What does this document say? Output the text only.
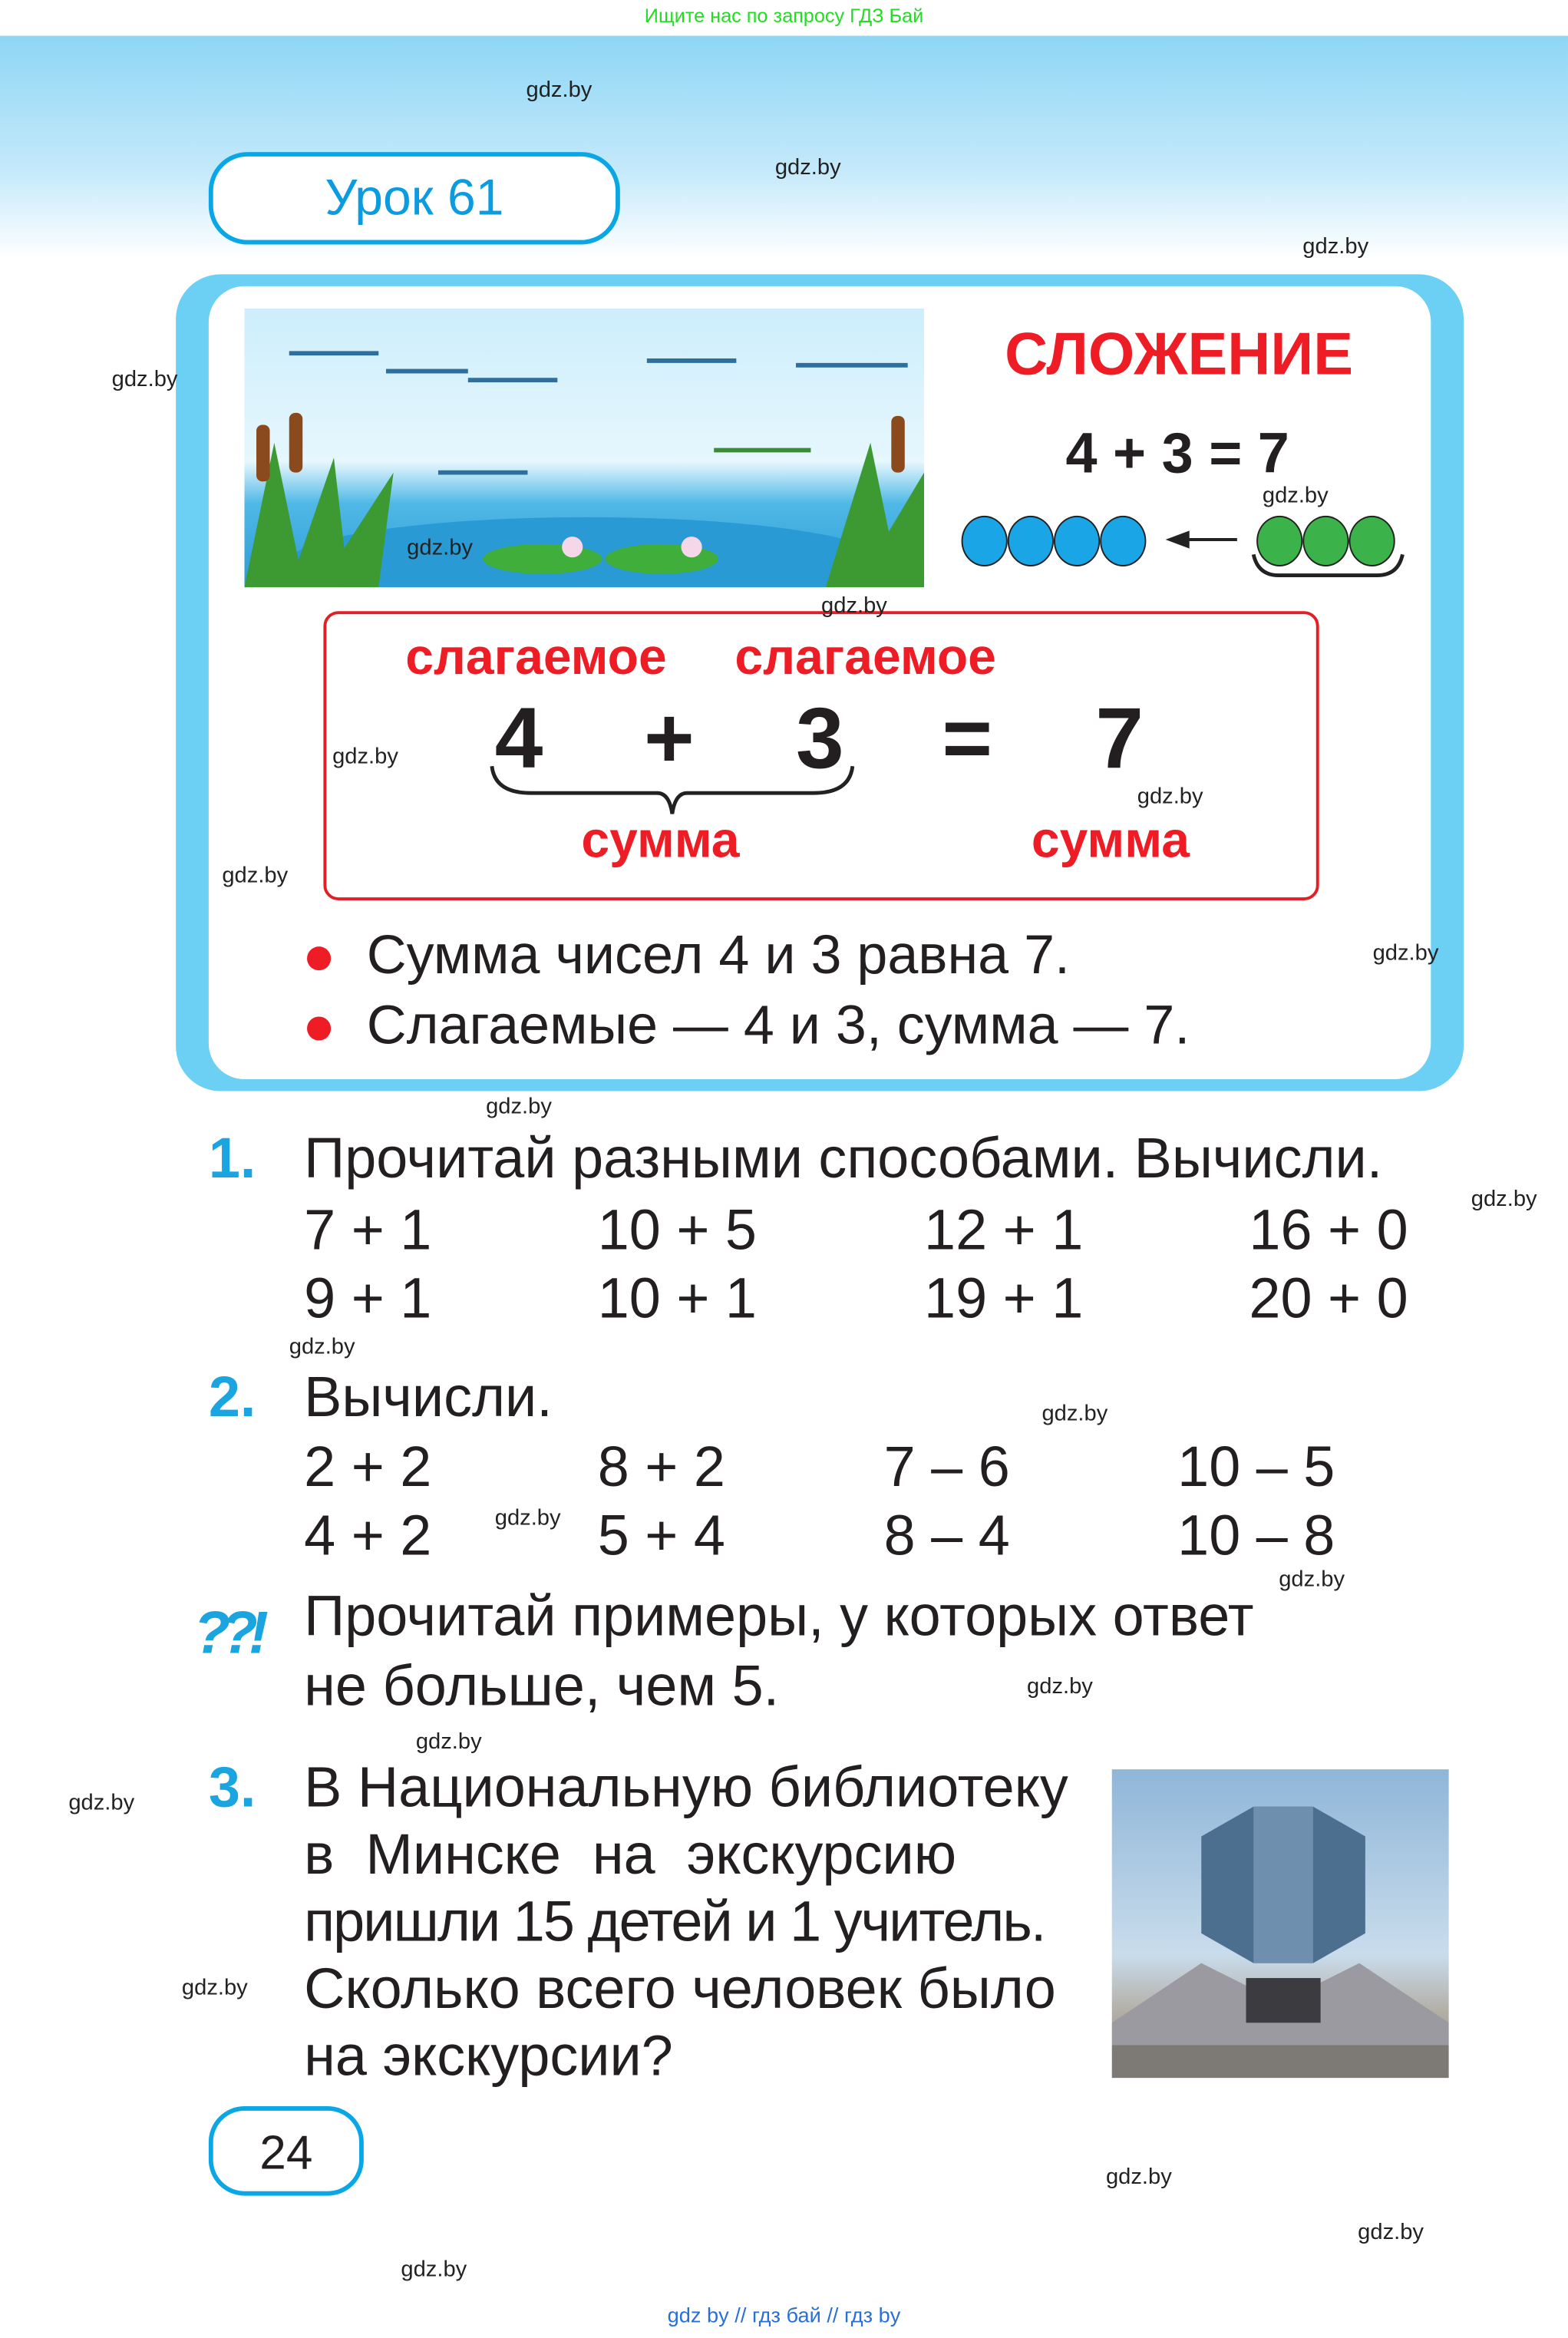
Ищите нас по запросу ГДЗ Бай
Урок 61
СЛОЖЕНИЕ
4 + 3 = 7
слагаемое	слагаемое
4 + 3 = 7
сумма	сумма
Сумма чисел 4 и 3 равна 7.
Слагаемые — 4 и 3, сумма — 7.
1. Прочитай разными способами. Вычисли.
7 + 1	10 + 5	12 + 1	16 + 0
9 + 1	10 + 1	19 + 1	20 + 0
2. Вычисли.
2 + 2	8 + 2	7 – 6	10 – 5
4 + 2	5 + 4	8 – 4	10 – 8
??! Прочитай примеры, у которых ответ
не больше, чем 5.
3. В Национальную библиотеку
в  Минске  на  экскурсию
пришли 15 детей и 1 учитель.
Сколько всего человек было
на экскурсии?
24
gdz by // гдз бай // гдз by
gdz.by
gdz.by
gdz.by
gdz.by
gdz.by
gdz.by
gdz.by
gdz.by
gdz.by
gdz.by
gdz.by
gdz.by
gdz.by
gdz.by
gdz.by
gdz.by
gdz.by
gdz.by
gdz.by
gdz.by
gdz.by
gdz.by
gdz.by
gdz.by
